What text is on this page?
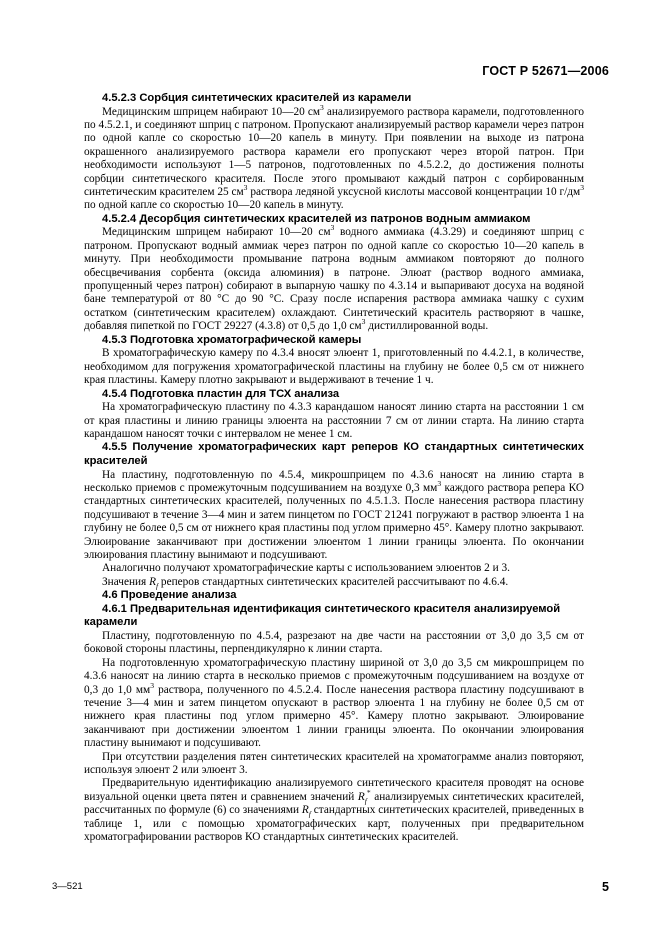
ГОСТ Р 52671—2006
4.5.2.3 Сорбция синтетических красителей из карамели

Медицинским шприцем набирают 10—20 $см^3$ анализируемого раствора карамели, подготовленного по 4.5.2.1, и соединяют шприц с патроном. Пропускают анализируемый раствор карамели через патрон по одной капле со скоростью 10—20 капель в минуту. При появлении на выходе из патрона окрашенного анализируемого раствора карамели его пропускают через второй патрон. При необходимости используют 1—5 патронов, подготовленных по 4.5.2.2, до достижения полноты сорбции синтетического красителя. После этого промывают каждый патрон с сорбированным синтетическим красителем 25 $см^3$ раствора ледяной уксусной кислоты массовой концентрации 10 $г/дм^3$ по одной капле со скоростью 10—20 капель в минуту.

4.5.2.4 Десорбция синтетических красителей из патронов водным аммиаком

Медицинским шприцем набирают 10—20 $см^3$ водного аммиака (4.3.29) и соединяют шприц с патроном. Пропускают водный аммиак через патрон по одной капле со скоростью 10—20 капель в минуту. При необходимости промывание патрона водным аммиаком повторяют до полного обесцвечивания сорбента (оксида алюминия) в патроне. Элюат (раствор водного аммиака, пропущенный через патрон) собирают в выпарную чашку по 4.3.14 и выпаривают досуха на водяной бане температурой от 80 °С до 90 °С. Сразу после испарения раствора аммиака чашку с сухим остатком (синтетическим красителем) охлаждают. Синтетический краситель растворяют в чашке, добавляя пипеткой по ГОСТ 29227 (4.3.8) от 0,5 до 1,0 $см^3$ дистиллированной воды.

4.5.3 Подготовка хроматографической камеры

В хроматографическую камеру по 4.3.4 вносят элюент 1, приготовленный по 4.4.2.1, в количестве, необходимом для погружения хроматографической пластины на глубину не более 0,5 см от нижнего края пластины. Камеру плотно закрывают и выдерживают в течение 1 ч.

4.5.4 Подготовка пластин для ТСХ анализа

На хроматографическую пластину по 4.3.3 карандашом наносят линию старта на расстоянии 1 см от края пластины и линию границы элюента на расстоянии 7 см от линии старта. На линию старта карандашом наносят точки с интервалом не менее 1 см.

4.5.5 Получение хроматографических карт реперов КО стандартных синтетических красителей

На пластину, подготовленную по 4.5.4, микрошприцем по 4.3.6 наносят на линию старта в несколько приемов с промежуточным подсушиванием на воздухе 0,3 $мм^3$ каждого раствора репера КО стандартных синтетических красителей, полученных по 4.5.1.3. После нанесения раствора пластину подсушивают в течение 3—4 мин и затем пинцетом по ГОСТ 21241 погружают в раствор элюента 1 на глубину не более 0,5 см от нижнего края пластины под углом примерно 45°. Камеру плотно закрывают. Элюирование заканчивают при достижении элюентом 1 линии границы элюента. По окончании элюирования пластину вынимают и подсушивают.

Аналогично получают хроматографические карты с использованием элюентов 2 и 3.

Значения $R_f$ реперов стандартных синтетических красителей рассчитывают по 4.6.4.

4.6 Проведение анализа
4.6.1 Предварительная идентификация синтетического красителя анализируемой карамели

Пластину, подготовленную по 4.5.4, разрезают на две части на расстоянии от 3,0 до 3,5 см от боковой стороны пластины, перпендикулярно к линии старта.

На подготовленную хроматографическую пластину шириной от 3,0 до 3,5 см микрошприцем по 4.3.6 наносят на линию старта в несколько приемов с промежуточным подсушиванием на воздухе от 0,3 до 1,0 $мм^3$ раствора, полученного по 4.5.2.4. После нанесения раствора пластину подсушивают в течение 3—4 мин и затем пинцетом опускают в раствор элюента 1 на глубину не более 0,5 см от нижнего края пластины под углом примерно 45°. Камеру плотно закрывают. Элюирование заканчивают при достижении элюентом 1 линии границы элюента. По окончании элюирования пластину вынимают и подсушивают.

При отсутствии разделения пятен синтетических красителей на хроматограмме анализ повторяют, используя элюент 2 или элюент 3.

Предварительную идентификацию анализируемого синтетического красителя проводят на основе визуальной оценки цвета пятен и сравнением значений $R_f^*$ анализируемых синтетических красителей, рассчитанных по формуле (6) со значениями $R_f$ стандартных синтетических красителей, приведенных в таблице 1, или с помощью хроматографических карт, полученных при предварительном хроматографировании растворов КО стандартных синтетических красителей.

3—521	5
